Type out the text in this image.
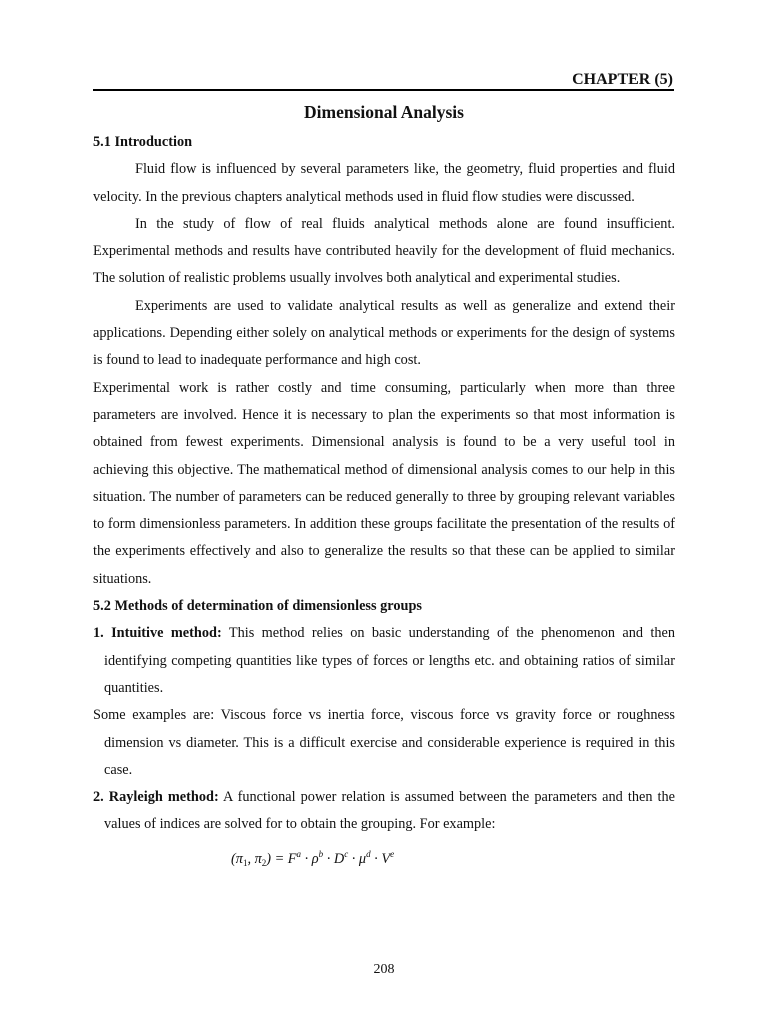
CHAPTER (5)
Dimensional Analysis

5.1 Introduction

Fluid flow is influenced by several parameters like, the geometry, fluid properties and fluid velocity. In the previous chapters analytical methods used in fluid flow studies were discussed.

In the study of flow of real fluids analytical methods alone are found insufficient. Experimental methods and results have contributed heavily for the development of fluid mechanics. The solution of realistic problems usually involves both analytical and experimental studies.

Experiments are used to validate analytical results as well as generalize and extend their applications. Depending either solely on analytical methods or experiments for the design of systems is found to lead to inadequate performance and high cost.

Experimental work is rather costly and time consuming, particularly when more than three parameters are involved. Hence it is necessary to plan the experiments so that most information is obtained from fewest experiments. Dimensional analysis is found to be a very useful tool in achieving this objective. The mathematical method of dimensional analysis comes to our help in this situation. The number of parameters can be reduced generally to three by grouping relevant variables to form dimensionless parameters. In addition these groups facilitate the presentation of the results of the experiments effectively and also to generalize the results so that these can be applied to similar situations.

5.2 Methods of determination of dimensionless groups

1. Intuitive method: This method relies on basic understanding of the phenomenon and then identifying competing quantities like types of forces or lengths etc. and obtaining ratios of similar quantities.

Some examples are: Viscous force vs inertia force, viscous force vs gravity force or roughness dimension vs diameter. This is a difficult exercise and considerable experience is required in this case.

2. Rayleigh method: A functional power relation is assumed between the parameters and then the values of indices are solved for to obtain the grouping. For example:

($\pi_1$, $\pi_2) = F^a \cdot \rho^b \cdot D^c \cdot \mu^d \cdot V^e$

208
